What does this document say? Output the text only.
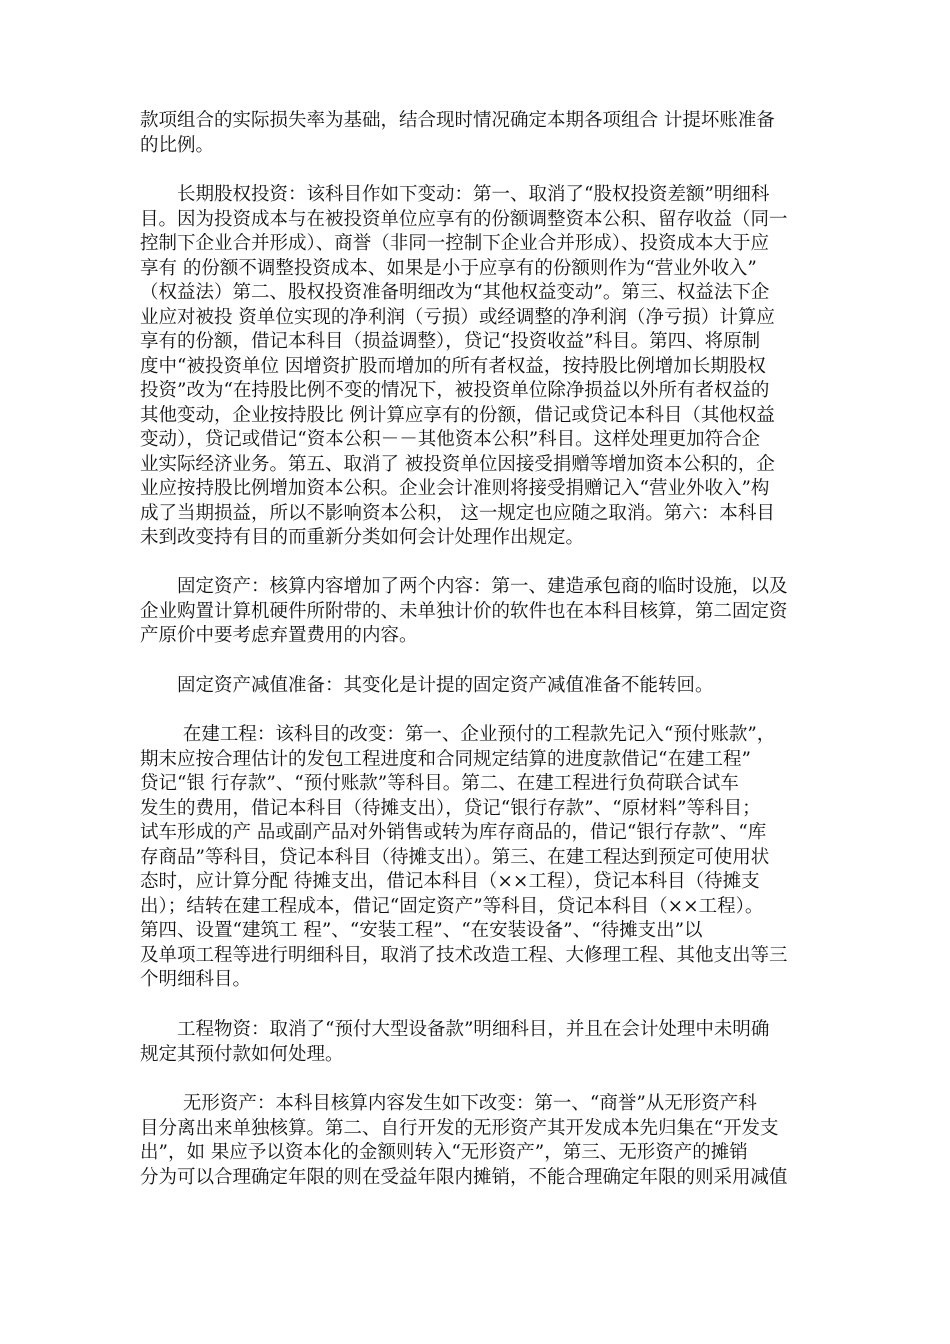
款项组合的实际损失率为基础，结合现时情况确定本期各项组合 计提坏账准备
的比例。
　　长期股权投资：该科目作如下变动：第一、取消了“股权投资差额”明细科
目。因为投资成本与在被投资单位应享有的份额调整资本公积、留存收益（同一
控制下企业合并形成）、商誉（非同一控制下企业合并形成）、投资成本大于应
享有 的份额不调整投资成本、如果是小于应享有的份额则作为“营业外收入”
（权益法）第二、股权投资准备明细改为“其他权益变动”。第三、权益法下企
业应对被投 资单位实现的净利润（亏损）或经调整的净利润（净亏损）计算应
享有的份额，借记本科目（损益调整），贷记“投资收益”科目。第四、将原制
度中“被投资单位 因增资扩股而增加的所有者权益，按持股比例增加长期股权
投资”改为“在持股比例不变的情况下，被投资单位除净损益以外所有者权益的
其他变动，企业按持股比 例计算应享有的份额，借记或贷记本科目（其他权益
变动），贷记或借记“资本公积－－其他资本公积”科目。这样处理更加符合企
业实际经济业务。第五、取消了 被投资单位因接受捐赠等增加资本公积的，企
业应按持股比例增加资本公积。企业会计准则将接受捐赠记入“营业外收入”构
成了当期损益，所以不影响资本公积， 这一规定也应随之取消。第六：本科目
未到改变持有目的而重新分类如何会计处理作出规定。
　　固定资产：核算内容增加了两个内容：第一、建造承包商的临时设施，以及
企业购置计算机硬件所附带的、未单独计价的软件也在本科目核算，第二固定资
产原价中要考虑弃置费用的内容。
　　固定资产减值准备：其变化是计提的固定资产减值准备不能转回。
　　 在建工程：该科目的改变：第一、企业预付的工程款先记入“预付账款”，
期末应按合理估计的发包工程进度和合同规定结算的进度款借记“在建工程”
贷记“银 行存款”、“预付账款”等科目。第二、在建工程进行负荷联合试车
发生的费用，借记本科目（待摊支出），贷记“银行存款”、“原材料”等科目；
试车形成的产 品或副产品对外销售或转为库存商品的，借记“银行存款”、“库
存商品”等科目，贷记本科目（待摊支出）。第三、在建工程达到预定可使用状
态时，应计算分配 待摊支出，借记本科目（××工程），贷记本科目（待摊支
出）；结转在建工程成本，借记“固定资产”等科目，贷记本科目（××工程）。
第四、设置“建筑工 程”、“安装工程”、“在安装设备”、“待摊支出”以
及单项工程等进行明细科目，取消了技术改造工程、大修理工程、其他支出等三
个明细科目。
　　工程物资：取消了“预付大型设备款”明细科目，并且在会计处理中未明确
规定其预付款如何处理。
　　 无形资产：本科目核算内容发生如下改变：第一、“商誉”从无形资产科
目分离出来单独核算。第二、自行开发的无形资产其开发成本先归集在“开发支
出”，如 果应予以资本化的金额则转入“无形资产”，第三、无形资产的摊销
分为可以合理确定年限的则在受益年限内摊销，不能合理确定年限的则采用减值
